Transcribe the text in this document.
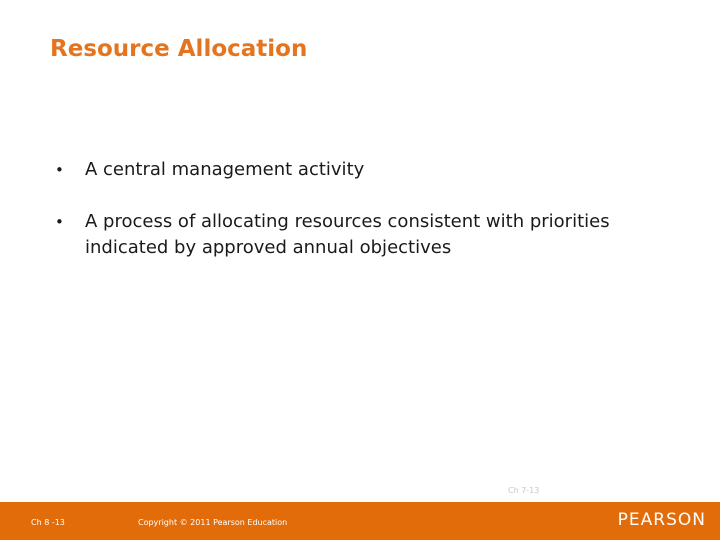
Resource Allocation
•	A central management activity
•	A process of allocating resources consistent with priorities indicated by approved annual objectives
Ch 7-13
Ch 8 -13	Copyright © 2011 Pearson Education	PEARSON
